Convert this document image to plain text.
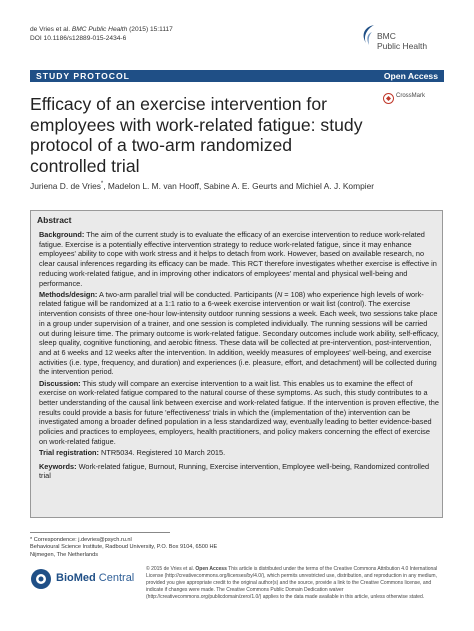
de Vries et al. BMC Public Health (2015) 15:1117
DOI 10.1186/s12889-015-2434-6	BMC
Public Health
STUDY PROTOCOL	Open Access
CrossMark
Efficacy of an exercise intervention for
employees with work-related fatigue: study
protocol of a two-arm randomized
controlled trial
Juriena D. de Vries*, Madelon L. M. van Hooff, Sabine A. E. Geurts and Michiel A. J. Kompier
Abstract

Background: The aim of the current study is to evaluate the efficacy of an exercise intervention to reduce work-related fatigue. Exercise is a potentially effective intervention strategy to reduce work-related fatigue, since it may enhance employees' ability to cope with work stress and it helps to detach from work. However, based on available research, no clear causal inferences regarding its efficacy can be made. This RCT therefore investigates whether exercise is effective in reducing work-related fatigue, and in improving other indicators of employees' mental and physical well-being and performance.

Methods/design: A two-arm parallel trial will be conducted. Participants (N = 108) who experience high levels of work-related fatigue will be randomized at a 1:1 ratio to a 6-week exercise intervention or wait list (control). The exercise intervention consists of three one-hour low-intensity outdoor running sessions a week. Each week, two sessions take place in a group under supervision of a trainer, and one session is completed individually. The running sessions will be carried out during leisure time. The primary outcome is work-related fatigue. Secondary outcomes include work ability, self-efficacy, sleep quality, cognitive functioning, and aerobic fitness. These data will be collected at pre-intervention, post-intervention, and at 6 weeks and 12 weeks after the intervention. In addition, weekly measures of employees' well-being, and exercise activities (i.e. type, frequency, and duration) and experiences (i.e. pleasure, effort, and detachment) will be collected during the intervention period.

Discussion: This study will compare an exercise intervention to a wait list. This enables us to examine the effect of exercise on work-related fatigue compared to the natural course of these symptoms. As such, this study contributes to a better understanding of the causal link between exercise and work-related fatigue. If the intervention is proven effective, the results could provide a basis for future 'effectiveness' trials in which the (implementation of the) intervention can be investigated among a broader defined population in a less standardized way, eventually leading to better evidence-based policies and practices to employees, employers, health practitioners, and policy makers concerning the effect of exercise on work-related fatigue.

Trial registration: NTR5034. Registered 10 March 2015.

Keywords: Work-related fatigue, Burnout, Running, Exercise intervention, Employee well-being, Randomized controlled trial

* Correspondence: j.devries@psych.ru.nl
Behavioural Science Institute, Radboud University, P.O. Box 9104, 6500 HE
Nijmegen, The Netherlands
BioMed Central
© 2015 de Vries et al. Open Access This article is distributed under the terms of the Creative Commons Attribution 4.0 International License (http://creativecommons.org/licenses/by/4.0/), which permits unrestricted use, distribution, and reproduction in any medium, provided you give appropriate credit to the original author(s) and the source, provide a link to the Creative Commons license, and indicate if changes were made. The Creative Commons Public Domain Dedication waiver (http://creativecommons.org/publicdomain/zero/1.0/) applies to the data made available in this article, unless otherwise stated.
